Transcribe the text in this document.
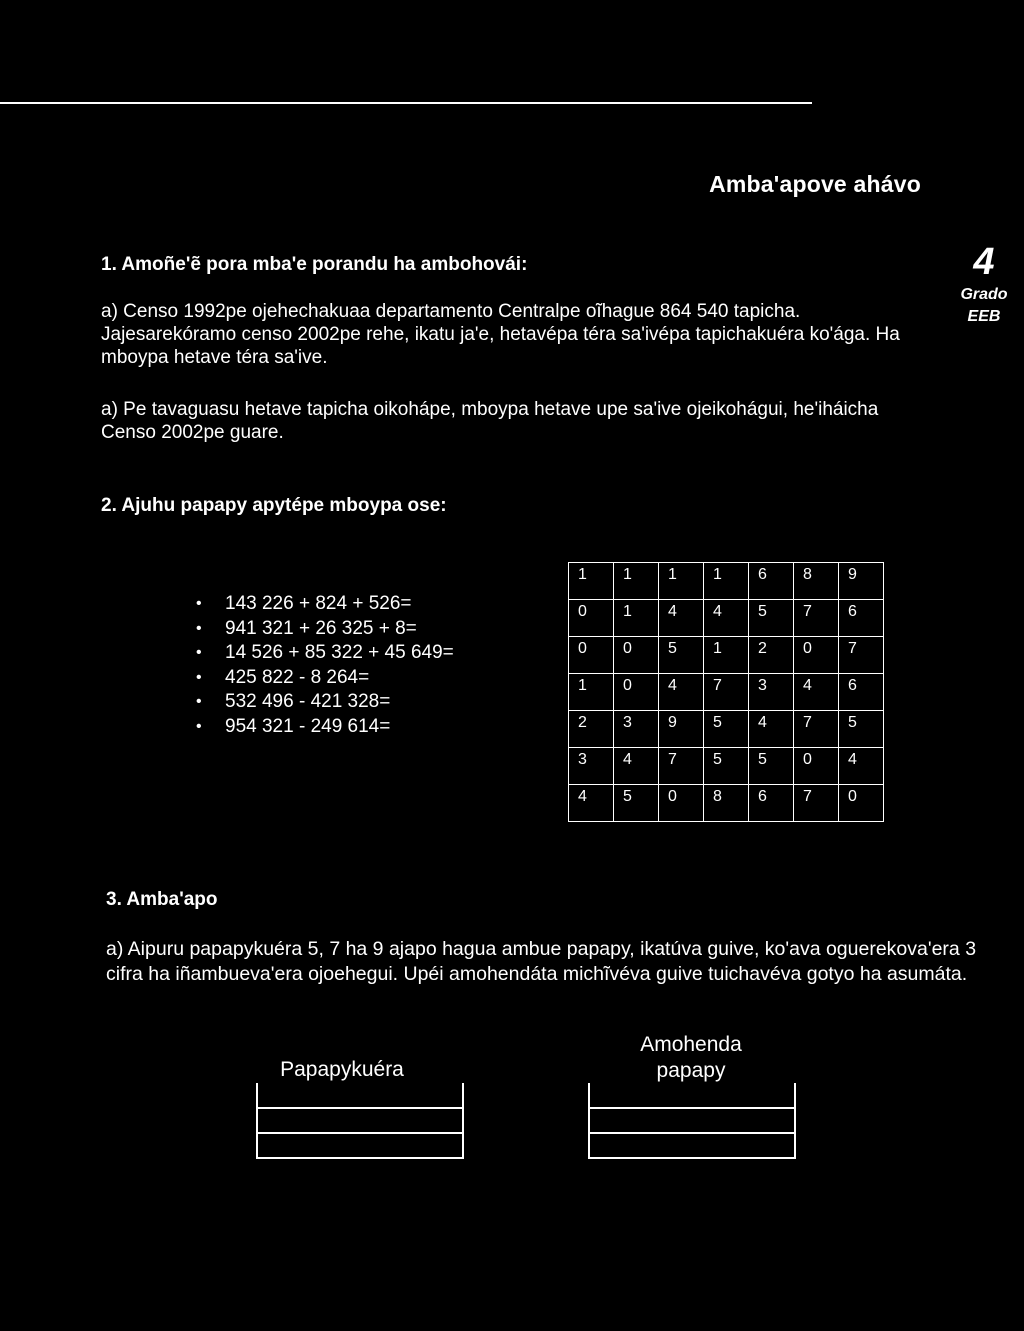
Amba'apove ahávo
4
Grado
EEB
1. Amoñe'ẽ pora mba'e porandu ha ambohovái:
a) Censo 1992pe ojehechakuaa departamento Centralpe oĩhague 864 540 tapicha. Jajesarekóramo censo 2002pe rehe, ikatu ja'e, hetavépa téra sa'ivépa tapichakuéra ko'ága. Ha mboypa hetave téra sa'ive.
a) Pe tavaguasu hetave tapicha oikohápe, mboypa hetave upe sa'ive ojeikohágui, he'iháicha Censo 2002pe guare.
2. Ajuhu papapy apytépe mboypa ose:
• 143 226 + 824 + 526=
• 941 321 + 26 325 + 8=
• 14 526 + 85 322 + 45 649=
• 425 822 - 8 264=
• 532 496 - 421 328=
• 954 321 - 249 614=
1	1	1	1	6	8	9
0	1	4	4	5	7	6
0	0	5	1	2	0	7
1	0	4	7	3	4	6
2	3	9	5	4	7	5
3	4	7	5	5	0	4
4	5	0	8	6	7	0
3. Amba'apo
a) Aipuru papapykuéra 5, 7 ha 9 ajapo hagua ambue papapy, ikatúva guive, ko'ava oguerekova'era 3 cifra ha iñambueva'era ojoehegui. Upéi amohendáta michĩvéva guive tuichavéva gotyo ha asumáta.
Papapykuéra
Amohenda
papapy
